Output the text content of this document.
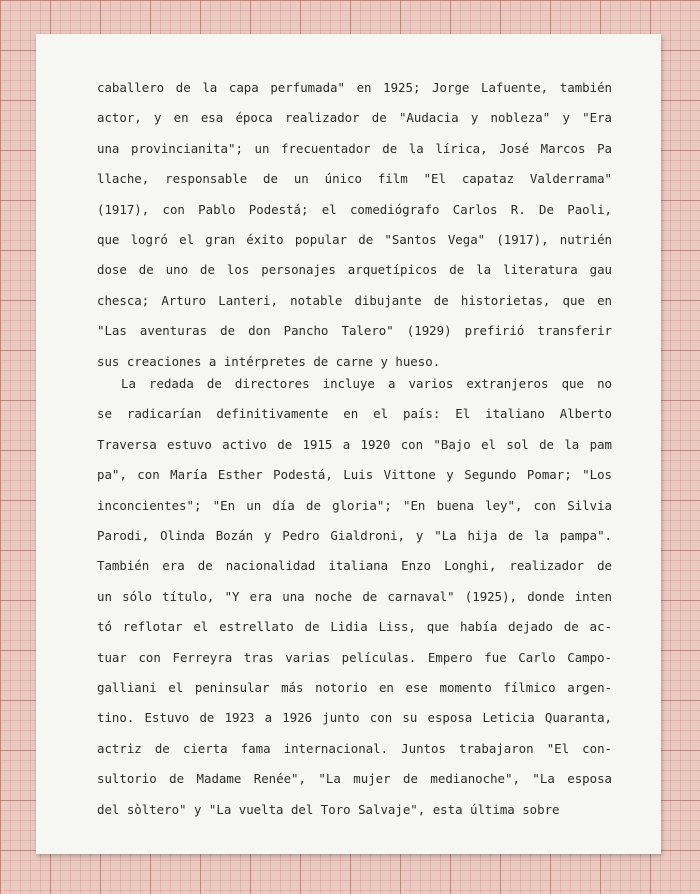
caballero de la capa perfumada" en 1925; Jorge Lafuente, también
actor, y en esa época realizador de "Audacia y nobleza" y "Era
una provincianita"; un frecuentador de la lírica, José Marcos Pa
llache, responsable de un único film "El capataz Valderrama"
(1917), con Pablo Podestá; el comediógrafo Carlos R. De Paoli,
que logró el gran éxito popular de "Santos Vega" (1917), nutrién
dose de uno de los personajes arquetípicos de la literatura gau
chesca; Arturo Lanteri, notable dibujante de historietas, que en
"Las aventuras de don Pancho Talero" (1929) prefirió transferir
sus creaciones a intérpretes de carne y hueso.
La redada de directores incluye a varios extranjeros que no
se radicarían definitivamente en el país: El italiano Alberto
Traversa estuvo activo de 1915 a 1920 con "Bajo el sol de la pam
pa", con María Esther Podestá, Luis Vittone y Segundo Pomar; "Los
inconcientes"; "En un día de gloria"; "En buena ley", con Silvia
Parodi, Olinda Bozán y Pedro Gialdroni, y "La hija de la pampa".
También era de nacionalidad italiana Enzo Longhi, realizador de
un sólo título, "Y era una noche de carnaval" (1925), donde inten
tó reflotar el estrellato de Lidia Liss, que había dejado de ac-
tuar con Ferreyra tras varias películas. Empero fue Carlo Campo-
galliani el peninsular más notorio en ese momento fílmico argen-
tino. Estuvo de 1923 a 1926 junto con su esposa Leticia Quaranta,
actriz de cierta fama internacional. Juntos trabajaron "El con-
sultorio de Madame Renée", "La mujer de medianoche", "La esposa
del sòltero" y "La vuelta del Toro Salvaje", esta última sobre
